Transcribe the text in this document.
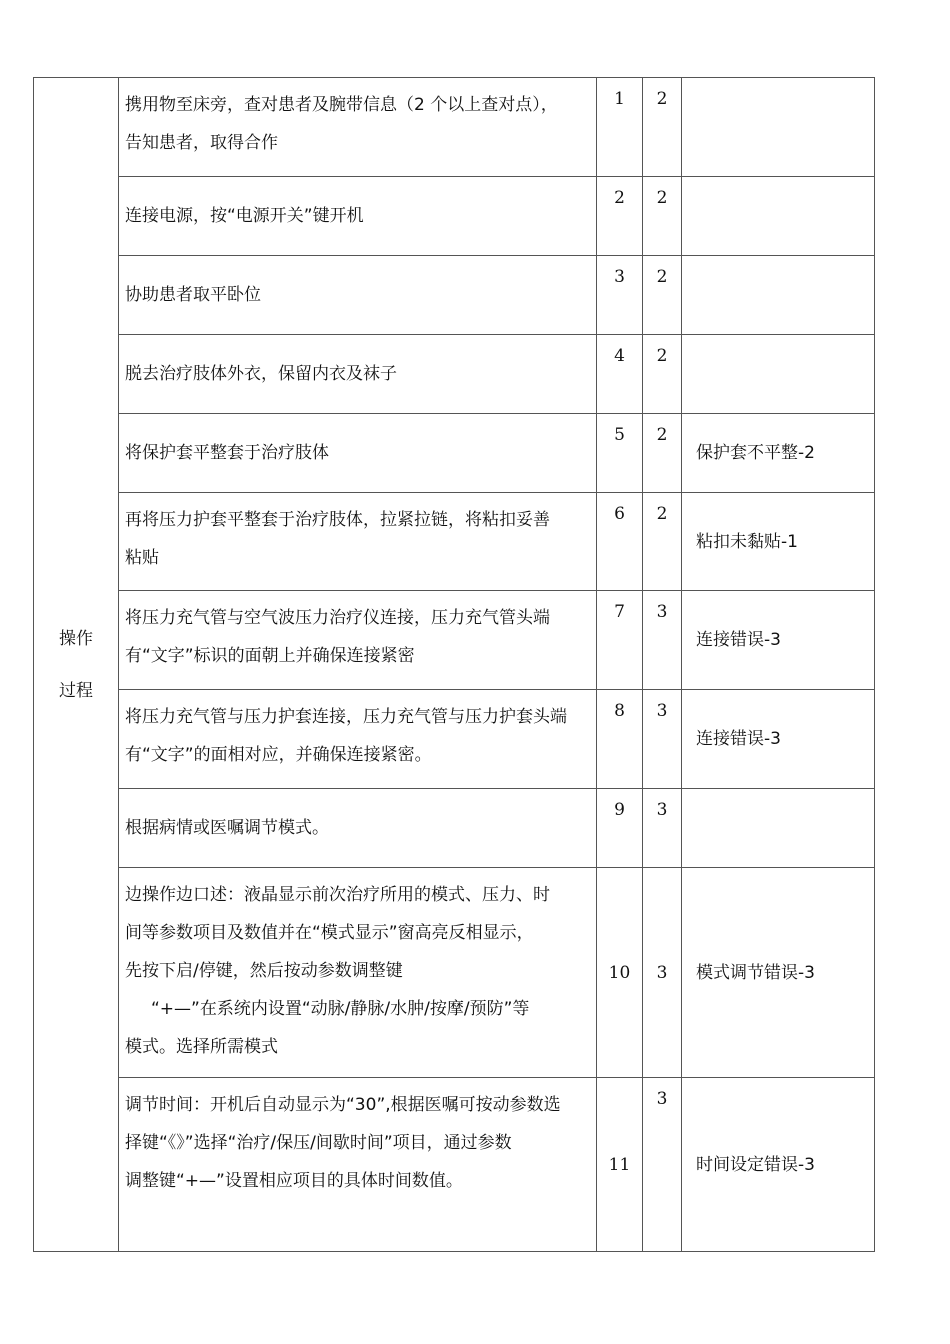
操作
过程	携用物至床旁，查对患者及腕带信息（2 个以上查对点），
告知患者，取得合作	1	2	

	连接电源，按“电源开关”键开机	2	2	

	协助患者取平卧位	3	2	

	脱去治疗肢体外衣，保留内衣及袜子	4	2	

	将保护套平整套于治疗肢体	5	2	保护套不平整-2

	再将压力护套平整套于治疗肢体，拉紧拉链，将粘扣妥善
粘贴	6	2	粘扣未黏贴-1

	将压力充气管与空气波压力治疗仪连接，压力充气管头端
有“文字”标识的面朝上并确保连接紧密	7	3	连接错误-3

	将压力充气管与压力护套连接，压力充气管与压力护套头端
有“文字”的面相对应，并确保连接紧密。	8	3	连接错误-3

	根据病情或医嘱调节模式。	9	3	

	边操作边口述：液晶显示前次治疗所用的模式、压力、时
间等参数项目及数值并在“模式显示”窗高亮反相显示，
先按下启/停键，然后按动参数调整键
“+—”在系统内设置“动脉/静脉/水肿/按摩/预防”等
模式。选择所需模式	10	3	模式调节错误-3

	调节时间：开机后自动显示为“30”,根据医嘱可按动参数选
择键“《》”选择“治疗/保压/间歇时间”项目，通过参数
调整键“+—”设置相应项目的具体时间数值。	11	3	时间设定错误-3
